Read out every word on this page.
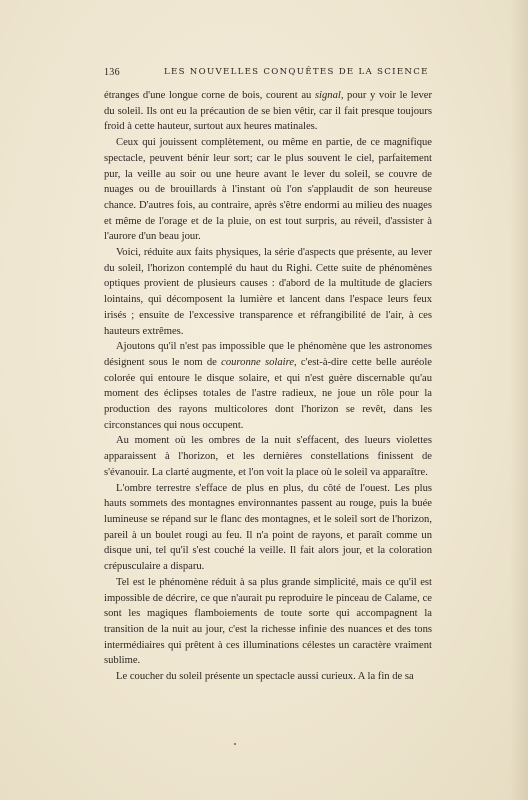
136	LES NOUVELLES CONQUÊTES DE LA SCIENCE

étranges d'une longue corne de bois, courent au signal, pour y voir le lever du soleil. Ils ont eu la précaution de se bien vêtir, car il fait presque toujours froid à cette hauteur, surtout aux heures matinales.

Ceux qui jouissent complètement, ou même en partie, de ce magnifique spectacle, peuvent bénir leur sort; car le plus souvent le ciel, parfaitement pur, la veille au soir ou une heure avant le lever du soleil, se couvre de nuages ou de brouillards à l'instant où l'on s'applaudit de son heureuse chance. D'autres fois, au contraire, après s'être endormi au milieu des nuages et même de l'orage et de la pluie, on est tout surpris, au réveil, d'assister à l'aurore d'un beau jour.

Voici, réduite aux faits physiques, la série d'aspects que présente, au lever du soleil, l'horizon contemplé du haut du Righi. Cette suite de phénomènes optiques provient de plusieurs causes : d'abord de la multitude de glaciers lointains, qui décomposent la lumière et lancent dans l'espace leurs feux irisés ; ensuite de l'excessive transparence et réfrangibilité de l'air, à ces hauteurs extrêmes.

Ajoutons qu'il n'est pas impossible que le phénomène que les astronomes désignent sous le nom de couronne solaire, c'est-à-dire cette belle auréole colorée qui entoure le disque solaire, et qui n'est guère discernable qu'au moment des éclipses totales de l'astre radieux, ne joue un rôle pour la production des rayons multicolores dont l'horizon se revêt, dans les circonstances qui nous occupent.

Au moment où les ombres de la nuit s'effacent, des lueurs violettes apparaissent à l'horizon, et les dernières constellations finissent de s'évanouir. La clarté augmente, et l'on voit la place où le soleil va apparaître.

L'ombre terrestre s'efface de plus en plus, du côté de l'ouest. Les plus hauts sommets des montagnes environnantes passent au rouge, puis la buée lumineuse se répand sur le flanc des montagnes, et le soleil sort de l'horizon, pareil à un boulet rougi au feu. Il n'a point de rayons, et paraît comme un disque uni, tel qu'il s'est couché la veille. Il fait alors jour, et la coloration crépusculaire a disparu.

Tel est le phénomène réduit à sa plus grande simplicité, mais ce qu'il est impossible de décrire, ce que n'aurait pu reproduire le pinceau de Calame, ce sont les magiques flamboiements de toute sorte qui accompagnent la transition de la nuit au jour, c'est la richesse infinie des nuances et des tons intermédiaires qui prêtent à ces illuminations célestes un caractère vraiment sublime.

Le coucher du soleil présente un spectacle aussi curieux. A la fin de sa
